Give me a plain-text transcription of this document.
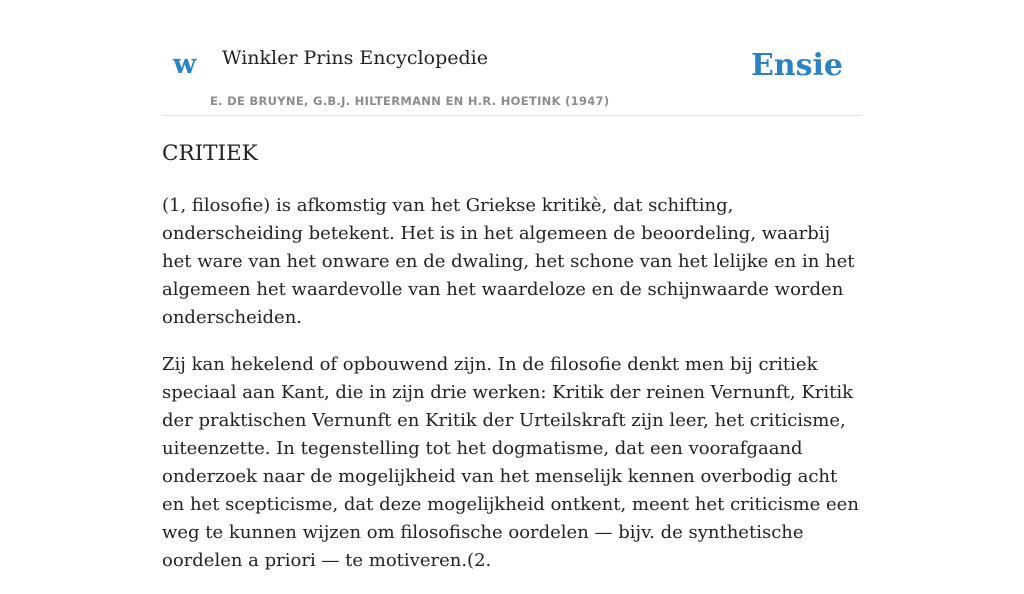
w Winkler Prins Encyclopedie
E. DE BRUYNE, G.B.J. HILTERMANN EN H.R. HOETINK (1947)
Ensie
CRITIEK

(1, filosofie) is afkomstig van het Griekse kritikè, dat schifting, onderscheiding betekent. Het is in het algemeen de beoordeling, waarbij het ware van het onware en de dwaling, het schone van het lelijke en in het algemeen het waardevolle van het waardeloze en de schijnwaarde worden onderscheiden.

Zij kan hekelend of opbouwend zijn. In de filosofie denkt men bij critiek speciaal aan Kant, die in zijn drie werken: Kritik der reinen Vernunft, Kritik der praktischen Vernunft en Kritik der Urteilskraft zijn leer, het criticisme, uiteenzette. In tegenstelling tot het dogmatisme, dat een voorafgaand onderzoek naar de mogelijkheid van het menselijk kennen overbodig acht en het scepticisme, dat deze mogelijkheid ontkent, meent het criticisme een weg te kunnen wijzen om filosofische oordelen — bijv. de synthetische oordelen a priori — te motiveren.(2.
